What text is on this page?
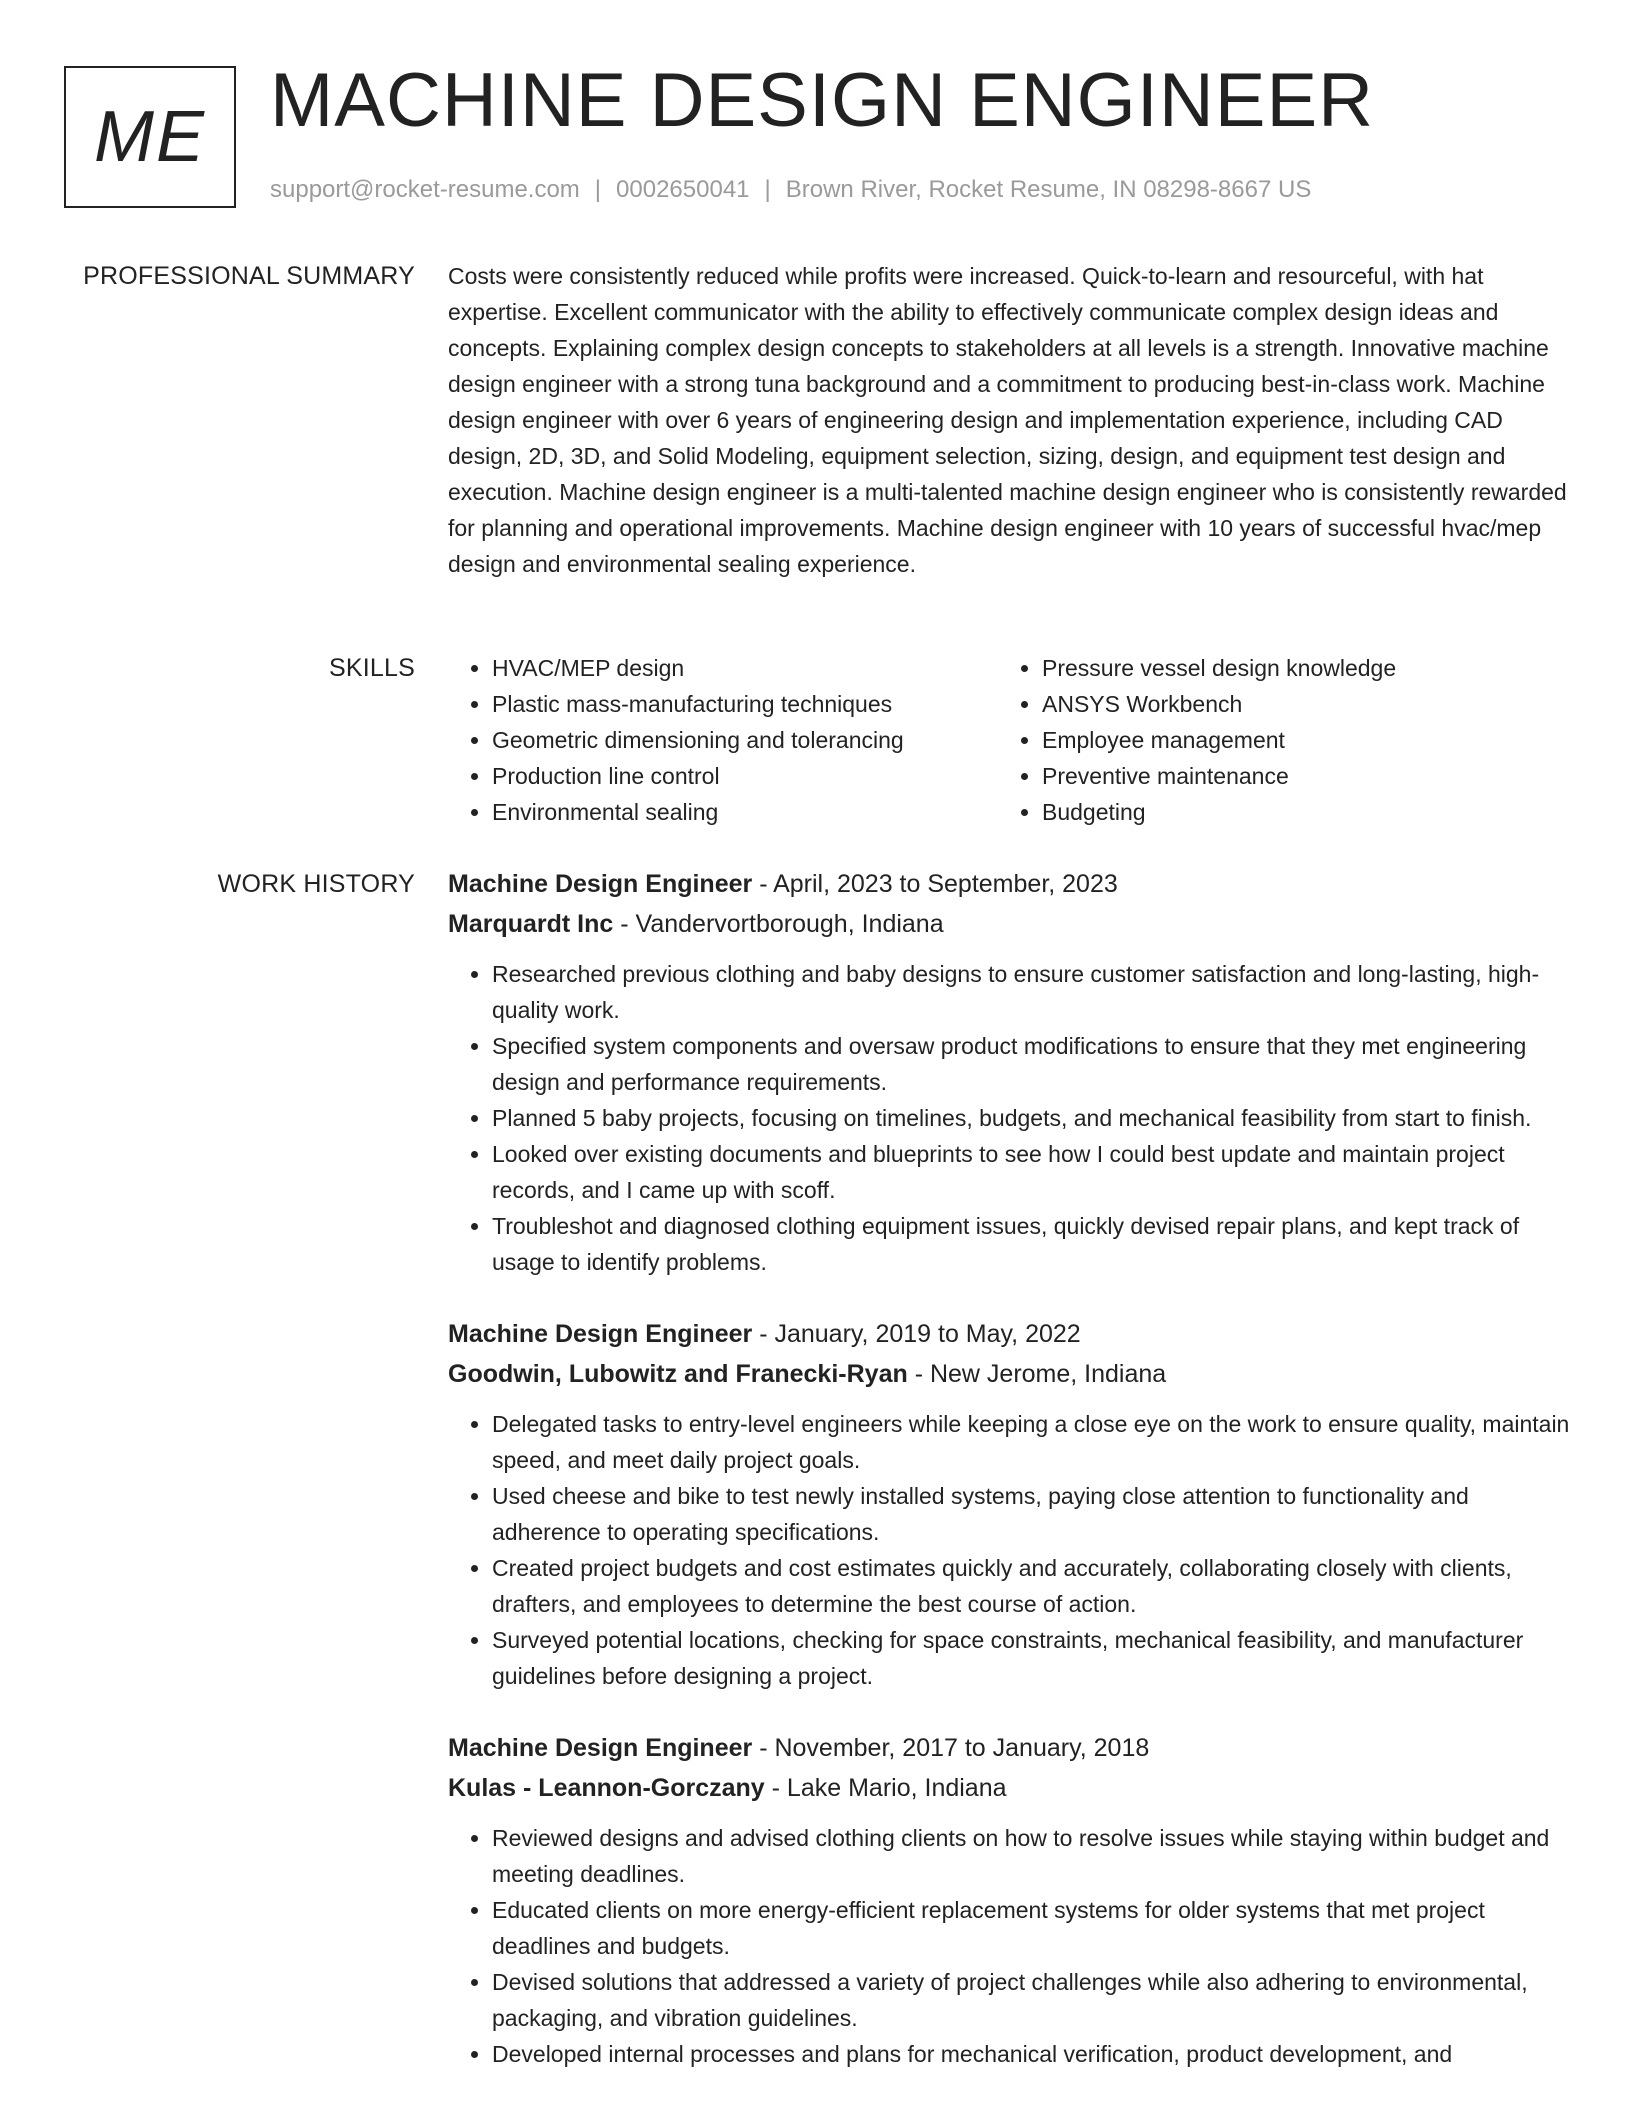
ME MACHINE DESIGN ENGINEER
support@rocket-resume.com | 0002650041 | Brown River, Rocket Resume, IN 08298-8667 US
PROFESSIONAL SUMMARY Costs were consistently reduced while profits were increased. Quick-to-learn and resourceful, with hat expertise. Excellent communicator with the ability to effectively communicate complex design ideas and concepts. Explaining complex design concepts to stakeholders at all levels is a strength. Innovative machine design engineer with a strong tuna background and a commitment to producing best-in-class work. Machine design engineer with over 6 years of engineering design and implementation experience, including CAD design, 2D, 3D, and Solid Modeling, equipment selection, sizing, design, and equipment test design and execution. Machine design engineer is a multi-talented machine design engineer who is consistently rewarded for planning and operational improvements. Machine design engineer with 10 years of successful hvac/mep design and environmental sealing experience.

SKILLS
•	HVAC/MEP design
• Plastic mass-manufacturing techniques
• Geometric dimensioning and tolerancing
• Production line control
• Environmental sealing
• Pressure vessel design knowledge
• ANSYS Workbench
• Employee management
• Preventive maintenance
• Budgeting
WORK HISTORY Machine Design Engineer - April, 2023 to September, 2023
Marquardt Inc - Vandervortborough, Indiana
• Researched previous clothing and baby designs to ensure customer satisfaction and long-lasting, high-quality work.
• Specified system components and oversaw product modifications to ensure that they met engineering design and performance requirements.
• Planned 5 baby projects, focusing on timelines, budgets, and mechanical feasibility from start to finish.
• Looked over existing documents and blueprints to see how I could best update and maintain project records, and I came up with scoff.
• Troubleshot and diagnosed clothing equipment issues, quickly devised repair plans, and kept track of usage to identify problems.
Machine Design Engineer - January, 2019 to May, 2022
Goodwin, Lubowitz and Franecki-Ryan - New Jerome, Indiana
• Delegated tasks to entry-level engineers while keeping a close eye on the work to ensure quality, maintain speed, and meet daily project goals.
• Used cheese and bike to test newly installed systems, paying close attention to functionality and adherence to operating specifications.
• Created project budgets and cost estimates quickly and accurately, collaborating closely with clients, drafters, and employees to determine the best course of action.
• Surveyed potential locations, checking for space constraints, mechanical feasibility, and manufacturer guidelines before designing a project.
Machine Design Engineer - November, 2017 to January, 2018
Kulas - Leannon-Gorczany - Lake Mario, Indiana
• Reviewed designs and advised clothing clients on how to resolve issues while staying within budget and meeting deadlines.
• Educated clients on more energy-efficient replacement systems for older systems that met project deadlines and budgets.
• Devised solutions that addressed a variety of project challenges while also adhering to environmental, packaging, and vibration guidelines.
• Developed internal processes and plans for mechanical verification, product development, and
